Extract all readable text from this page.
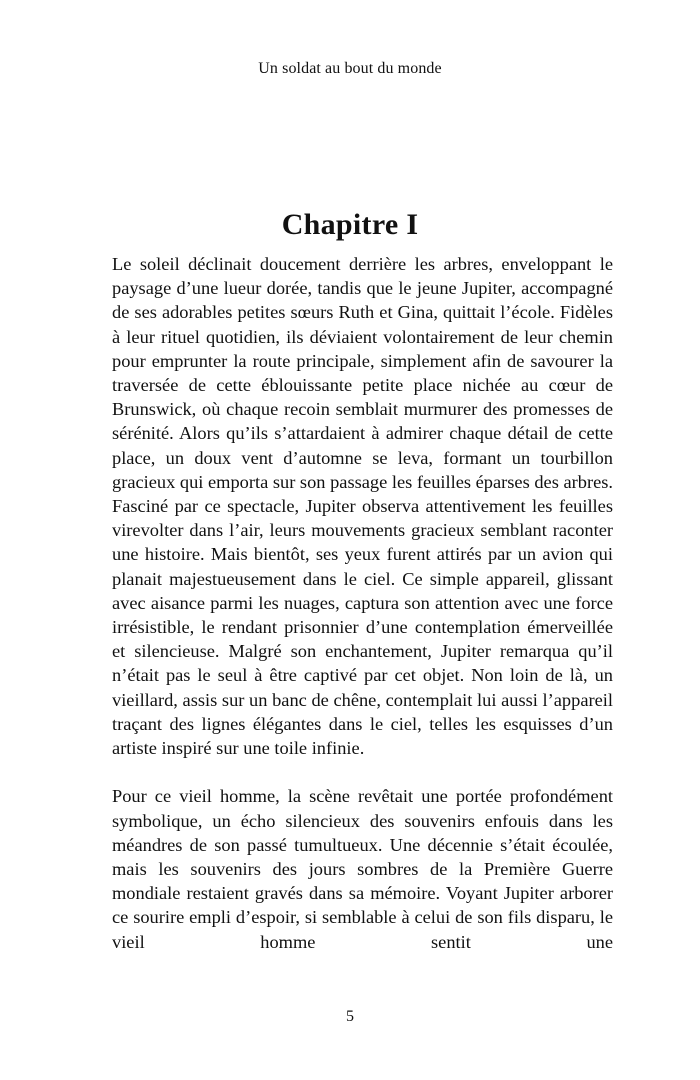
Un soldat au bout du monde
Chapitre I

Le soleil déclinait doucement derrière les arbres, enveloppant le paysage d’une lueur dorée, tandis que le jeune Jupiter, accompagné de ses adorables petites sœurs Ruth et Gina, quittait l’école. Fidèles à leur rituel quotidien, ils déviaient volontairement de leur chemin pour emprunter la route principale, simplement afin de savourer la traversée de cette éblouissante petite place nichée au cœur de Brunswick, où chaque recoin semblait murmurer des promesses de sérénité. Alors qu’ils s’attardaient à admirer chaque détail de cette place, un doux vent d’automne se leva, formant un tourbillon gracieux qui emporta sur son passage les feuilles éparses des arbres. Fasciné par ce spectacle, Jupiter observa attentivement les feuilles virevolter dans l’air, leurs mouvements gracieux semblant raconter une histoire. Mais bientôt, ses yeux furent attirés par un avion qui planait majestueusement dans le ciel. Ce simple appareil, glissant avec aisance parmi les nuages, captura son attention avec une force irrésistible, le rendant prisonnier d’une contemplation émerveillée et silencieuse. Malgré son enchantement, Jupiter remarqua qu’il n’était pas le seul à être captivé par cet objet. Non loin de là, un vieillard, assis sur un banc de chêne, contemplait lui aussi l’appareil traçant des lignes élégantes dans le ciel, telles les esquisses d’un artiste inspiré sur une toile infinie.

Pour ce vieil homme, la scène revêtait une portée profondément symbolique, un écho silencieux des souvenirs enfouis dans les méandres de son passé tumultueux. Une décennie s’était écoulée, mais les souvenirs des jours sombres de la Première Guerre mondiale restaient gravés dans sa mémoire. Voyant Jupiter arborer ce sourire empli d’espoir, si semblable à celui de son fils disparu, le vieil homme sentit une

5
